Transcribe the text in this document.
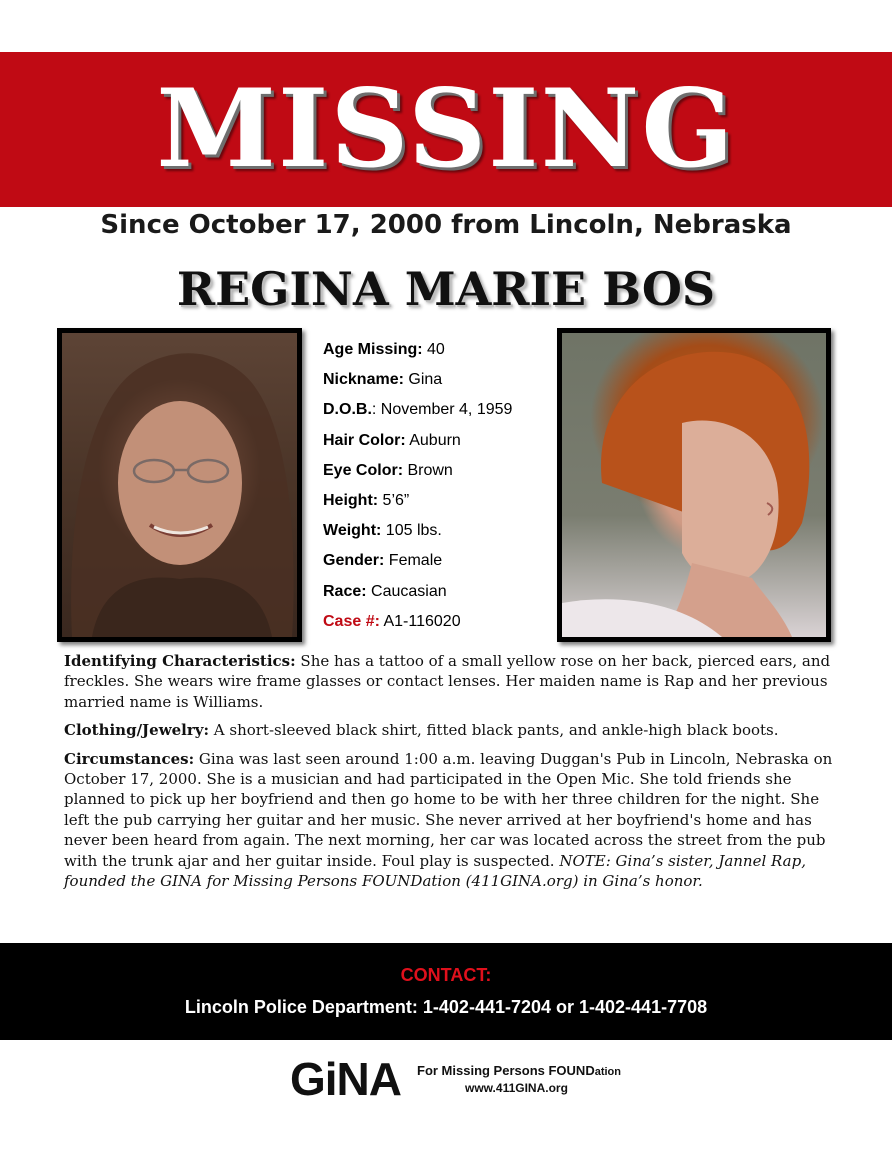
MISSING
Since October 17, 2000 from Lincoln, Nebraska
REGINA MARIE BOS
Age Missing: 40
Nickname: Gina
D.O.B.: November 4, 1959
Hair Color: Auburn
Eye Color: Brown
Height: 5’6”
Weight: 105 lbs.
Gender: Female
Race: Caucasian
Case #: A1-116020

Identifying Characteristics: She has a tattoo of a small yellow rose on her back, pierced ears, and freckles. She wears wire frame glasses or contact lenses. Her maiden name is Rap and her previous married name is Williams.

Clothing/Jewelry: A short-sleeved black shirt, fitted black pants, and ankle-high black boots.

Circumstances: Gina was last seen around 1:00 a.m. leaving Duggan's Pub in Lincoln, Nebraska on October 17, 2000. She is a musician and had participated in the Open Mic. She told friends she planned to pick up her boyfriend and then go home to be with her three children for the night. She left the pub carrying her guitar and her music. She never arrived at her boyfriend's home and has never been heard from again. The next morning, her car was located across the street from the pub with the trunk ajar and her guitar inside. Foul play is suspected. NOTE: Gina’s sister, Jannel Rap, founded the GINA for Missing Persons FOUNDation (411GINA.org) in Gina’s honor.

CONTACT:
Lincoln Police Department: 1-402-441-7204 or 1-402-441-7708
GiNA For Missing Persons FOUNDation
www.411GINA.org
